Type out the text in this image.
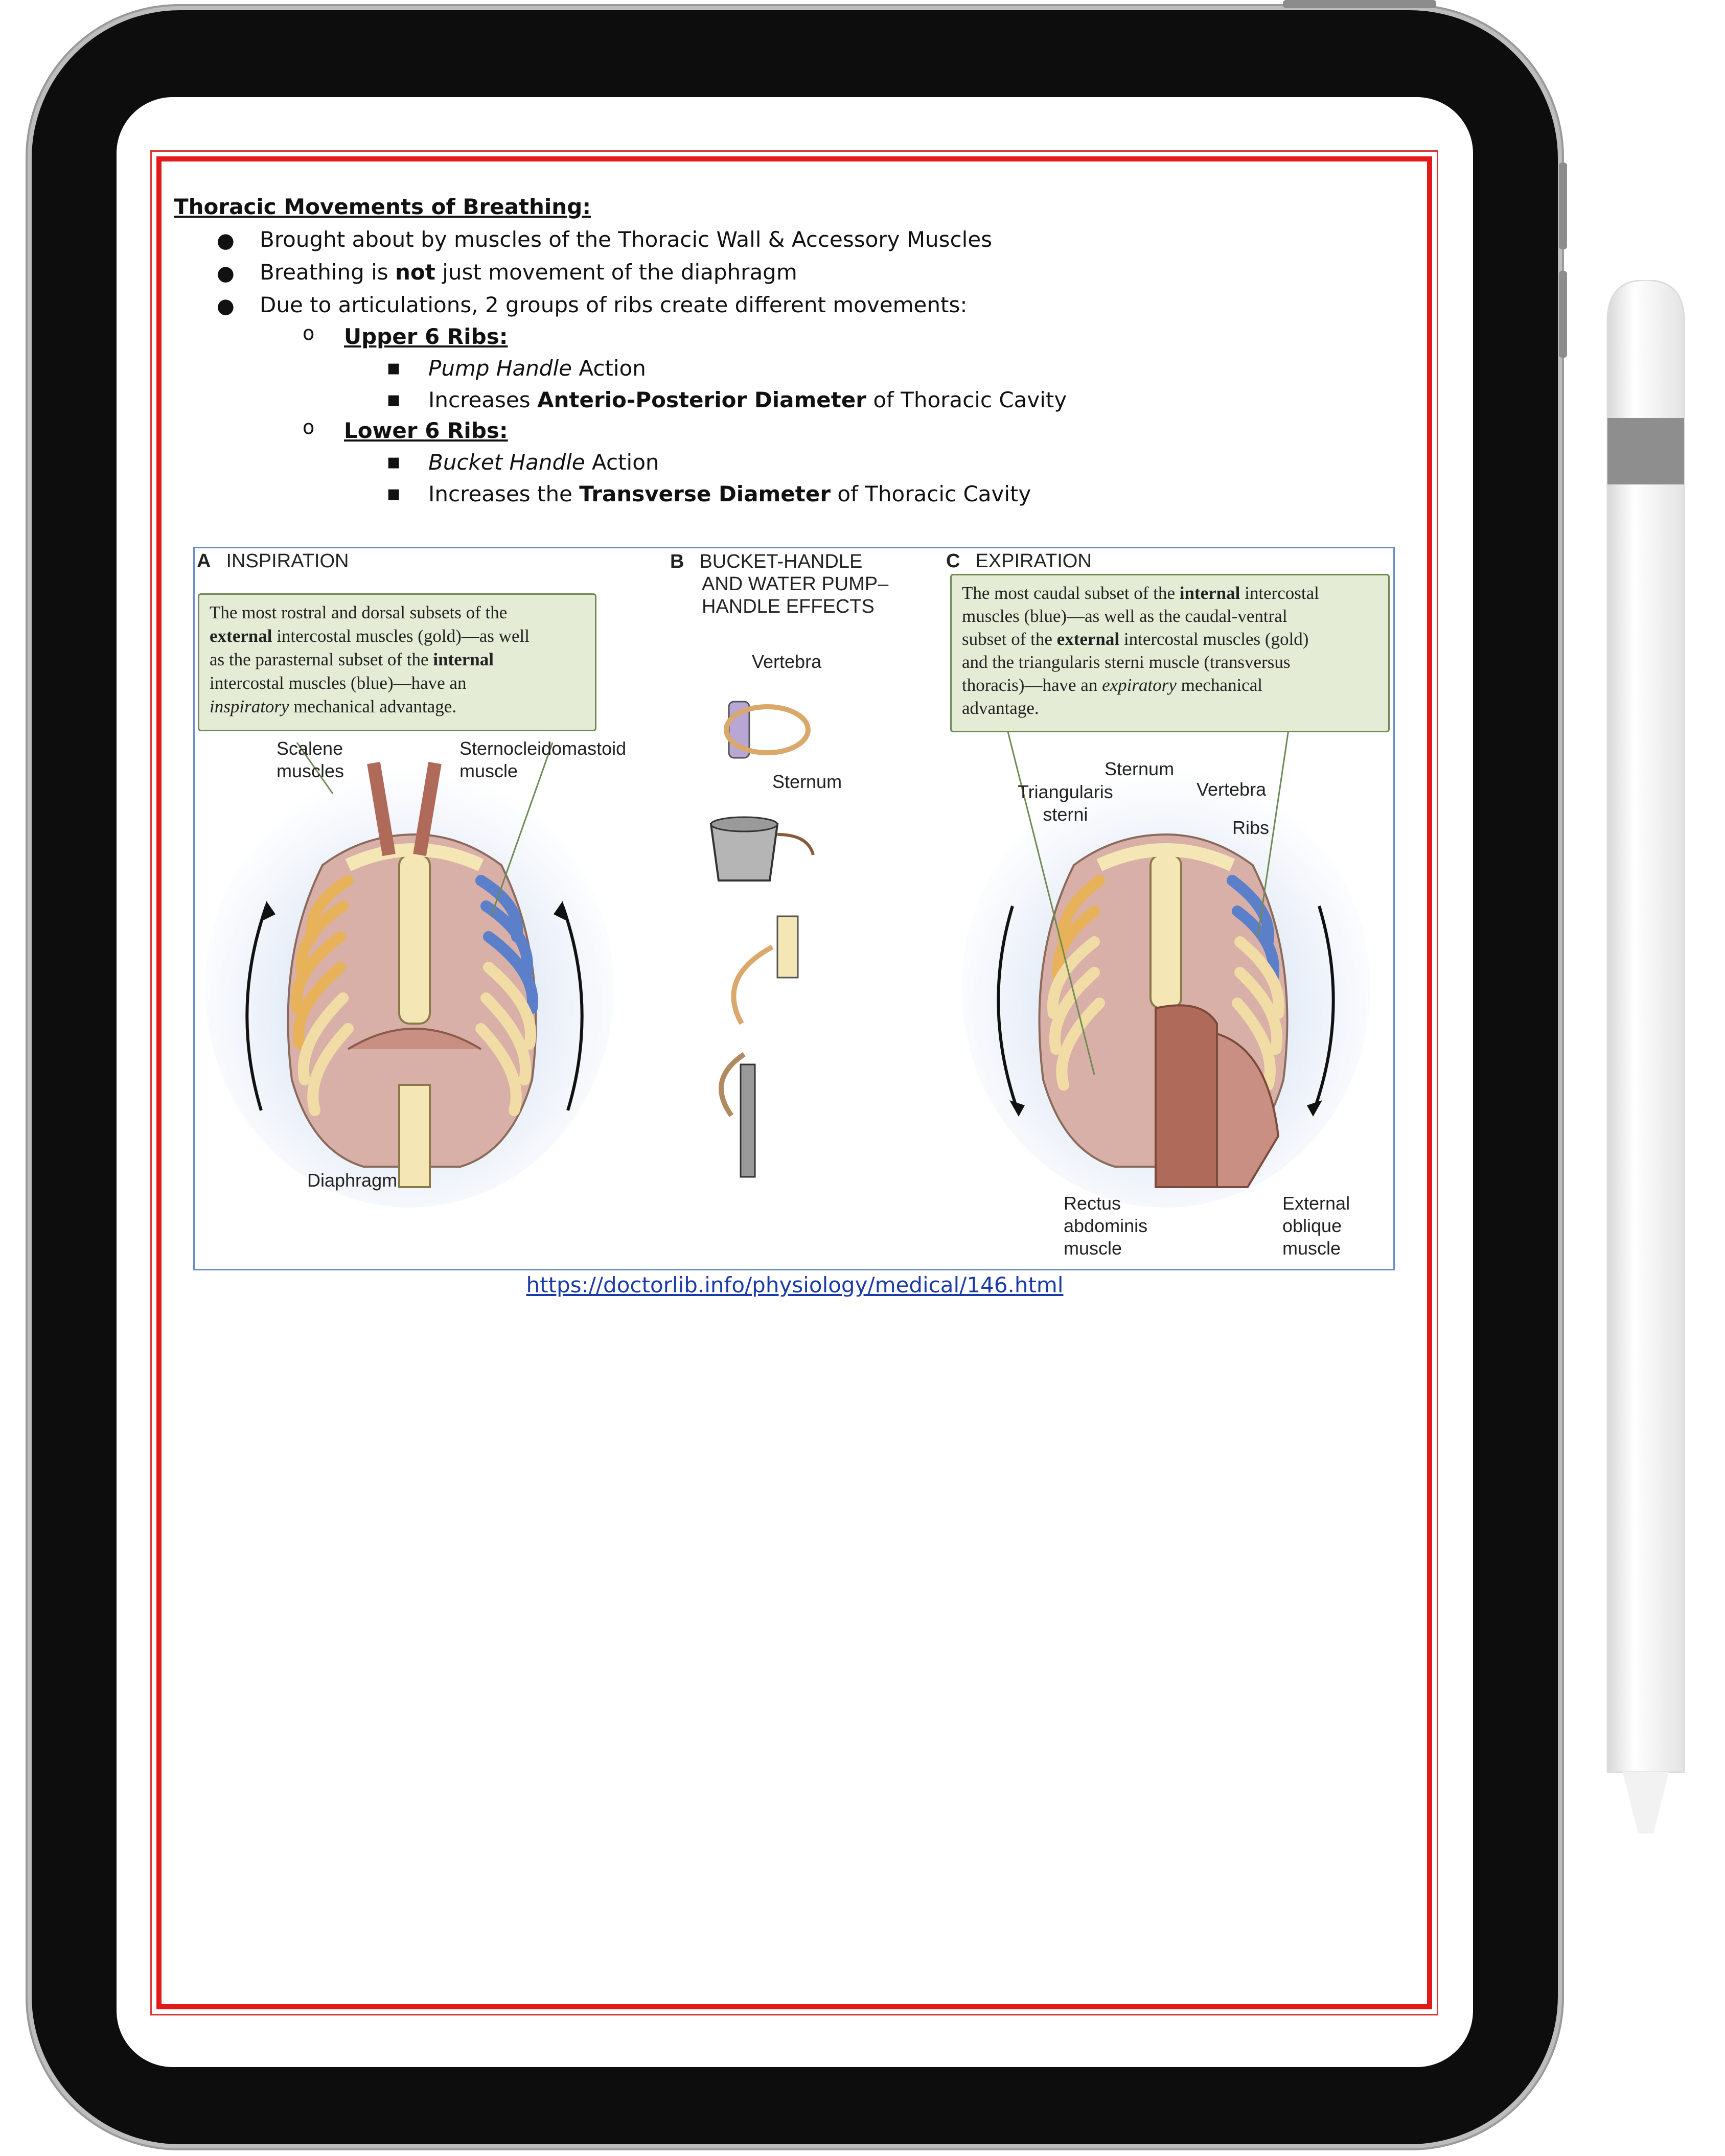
Thoracic Movements of Breathing:
● Brought about by muscles of the Thoracic Wall & Accessory Muscles
● Breathing is not just movement of the diaphragm
● Due to articulations, 2 groups of ribs create different movements:
o Upper 6 Ribs:
▪ Pump Handle Action
▪ Increases Anterio-Posterior Diameter of Thoracic Cavity
o Lower 6 Ribs:
▪ Bucket Handle Action
▪ Increases the Transverse Diameter of Thoracic Cavity
A INSPIRATION
The most rostral and dorsal subsets of the
external intercostal muscles (gold)—as well
as the parasternal subset of the internal
intercostal muscles (blue)—have an
inspiratory mechanical advantage.
Scalene
muscles
Sternocleidomastoid
muscle
Diaphragm
B BUCKET-HANDLE
AND WATER PUMP–
HANDLE EFFECTS
Vertebra
Sternum
C EXPIRATION
The most caudal subset of the internal intercostal
muscles (blue)—as well as the caudal-ventral
subset of the external intercostal muscles (gold)
and the triangularis sterni muscle (transversus
thoracis)—have an expiratory mechanical
advantage.
Sternum
Triangularis
sterni
Vertebra
Ribs
Rectus
abdominis
muscle
External
oblique
muscle
https://doctorlib.info/physiology/medical/146.html
